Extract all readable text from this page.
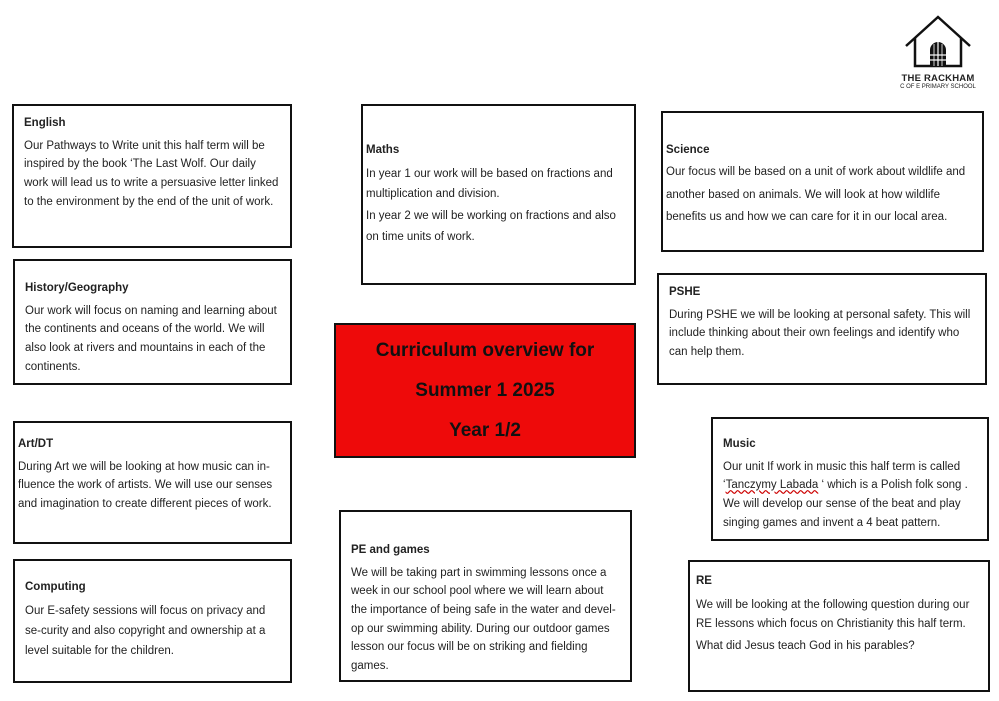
THE RACKHAM
C OF E PRIMARY SCHOOL
English

Our Pathways to Write unit this half term will be inspired by the book ‘The Last Wolf. Our daily work will lead us to write a persuasive letter linked to the environment by the end of the unit of work.

Maths

In year 1 our work will be based on fractions and multiplication and division.

In year 2 we will be working on fractions and also on time units of work.

Science

Our focus will be based on a unit of work about wildlife and another based on animals. We will look at how wildlife benefits us and how we can care for it in our local area.

History/Geography

Our work will focus on naming and learning about the continents and oceans of the world. We will also look at rivers and mountains in each of the continents.

PSHE

During PSHE we will be looking at personal safety. This will include thinking about their own feelings and identify who can help them.

Curriculum overview for
Summer 1 2025
Year 1/2
Art/DT

During Art we will be looking at how music can in-fluence the work of artists. We will use our senses and imagination to create different pieces of work.

Music

Our unit If work in music this half term is called ‘Tanczymy Labada ‘ which is a Polish folk song . We will develop our sense of the beat and play singing games and invent a 4 beat pattern.

PE and games

We will be taking part in swimming lessons once a week in our school pool where we will learn about the importance of being safe in the water and devel-op our swimming ability. During our outdoor games lesson our focus will be on striking and fielding games.

Computing

Our E-safety sessions will focus on privacy and se-curity and also copyright and ownership at a level suitable for the children.

RE

We will be looking at the following question during our RE lessons which focus on Christianity this half term.

What did Jesus teach God in his parables?
